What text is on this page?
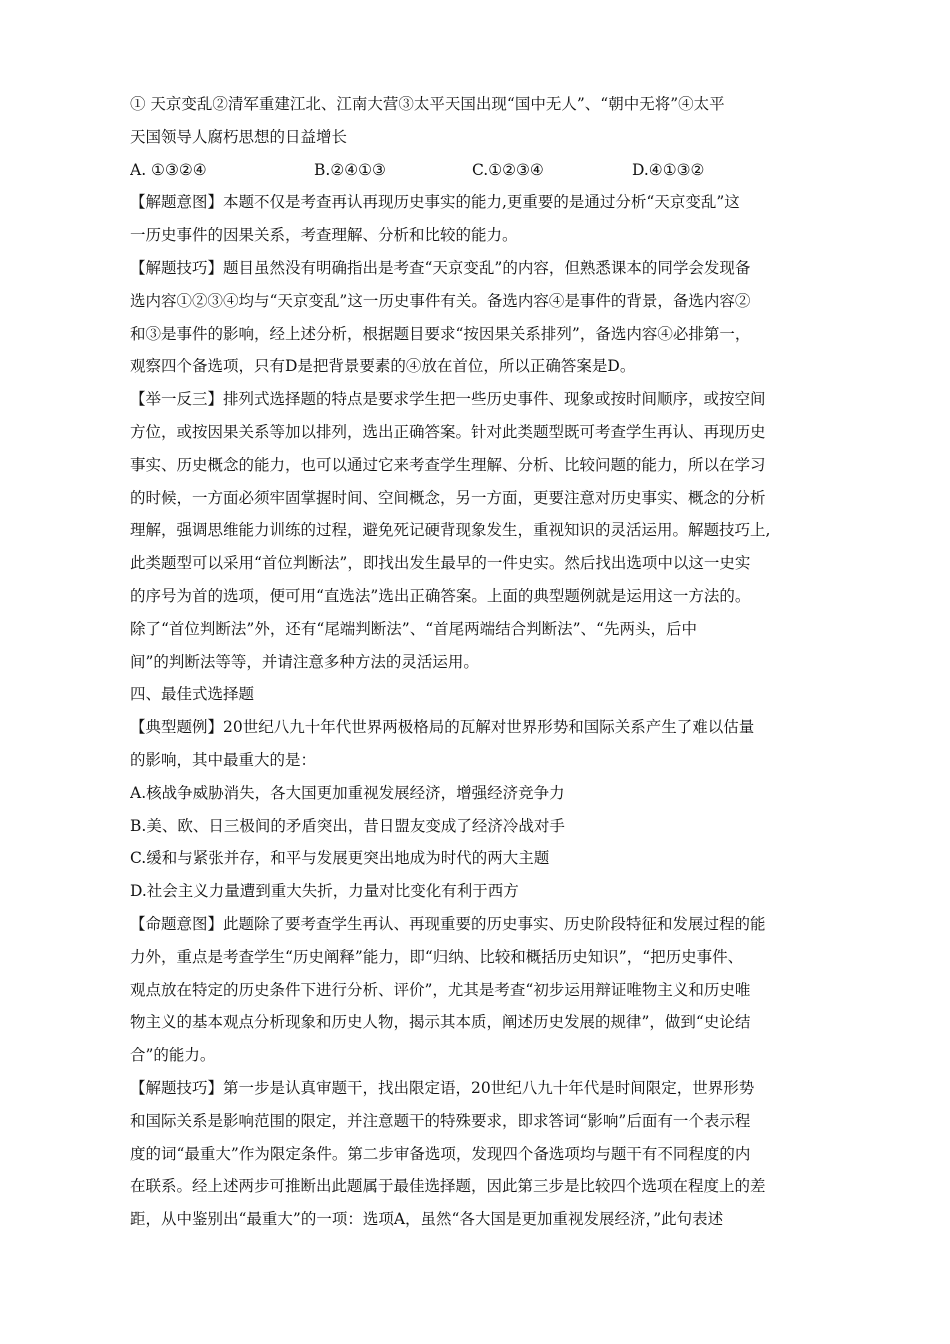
① 天京变乱②清军重建江北、江南大营③太平天国出现“国中无人”、“朝中无将”④太平
天国领导人腐朽思想的日益增长
A. ①③②④	B.②④①③	C.①②③④	D.④①③②
【解题意图】本题不仅是考查再认再现历史事实的能力,更重要的是通过分析“天京变乱”这
一历史事件的因果关系，考查理解、分析和比较的能力。
【解题技巧】题目虽然没有明确指出是考查“天京变乱”的内容，但熟悉课本的同学会发现备
选内容①②③④均与“天京变乱”这一历史事件有关。备选内容④是事件的背景，备选内容②
和③是事件的影响，经上述分析，根据题目要求“按因果关系排列”，备选内容④必排第一，
观察四个备选项，只有D是把背景要素的④放在首位，所以正确答案是D。
【举一反三】排列式选择题的特点是要求学生把一些历史事件、现象或按时间顺序，或按空间
方位，或按因果关系等加以排列，选出正确答案。针对此类题型既可考查学生再认、再现历史
事实、历史概念的能力，也可以通过它来考查学生理解、分析、比较问题的能力，所以在学习
的时候，一方面必须牢固掌握时间、空间概念，另一方面，更要注意对历史事实、概念的分析
理解，强调思维能力训练的过程，避免死记硬背现象发生，重视知识的灵活运用。解题技巧上,
此类题型可以采用“首位判断法”，即找出发生最早的一件史实。然后找出选项中以这一史实
的序号为首的选项，便可用“直选法”选出正确答案。上面的典型题例就是运用这一方法的。
除了“首位判断法”外，还有“尾端判断法”、“首尾两端结合判断法”、“先两头，后中
间”的判断法等等，并请注意多种方法的灵活运用。
四、最佳式选择题
【典型题例】20世纪八九十年代世界两极格局的瓦解对世界形势和国际关系产生了难以估量
的影响，其中最重大的是：
A.核战争威胁消失，各大国更加重视发展经济，增强经济竞争力
B.美、欧、日三极间的矛盾突出，昔日盟友变成了经济冷战对手
C.缓和与紧张并存，和平与发展更突出地成为时代的两大主题
D.社会主义力量遭到重大失折，力量对比变化有利于西方
【命题意图】此题除了要考查学生再认、再现重要的历史事实、历史阶段特征和发展过程的能
力外，重点是考查学生“历史阐释”能力，即“归纳、比较和概括历史知识”，“把历史事件、
观点放在特定的历史条件下进行分析、评价”，尤其是考查“初步运用辩证唯物主义和历史唯
物主义的基本观点分析现象和历史人物，揭示其本质，阐述历史发展的规律”，做到“史论结
合”的能力。
【解题技巧】第一步是认真审题干，找出限定语，20世纪八九十年代是时间限定，世界形势
和国际关系是影响范围的限定，并注意题干的特殊要求，即求答词“影响”后面有一个表示程
度的词“最重大”作为限定条件。第二步审备选项，发现四个备选项均与题干有不同程度的内
在联系。经上述两步可推断出此题属于最佳选择题，因此第三步是比较四个选项在程度上的差
距，从中鉴别出“最重大”的一项：选项A，虽然“各大国是更加重视发展经济，”此句表述
